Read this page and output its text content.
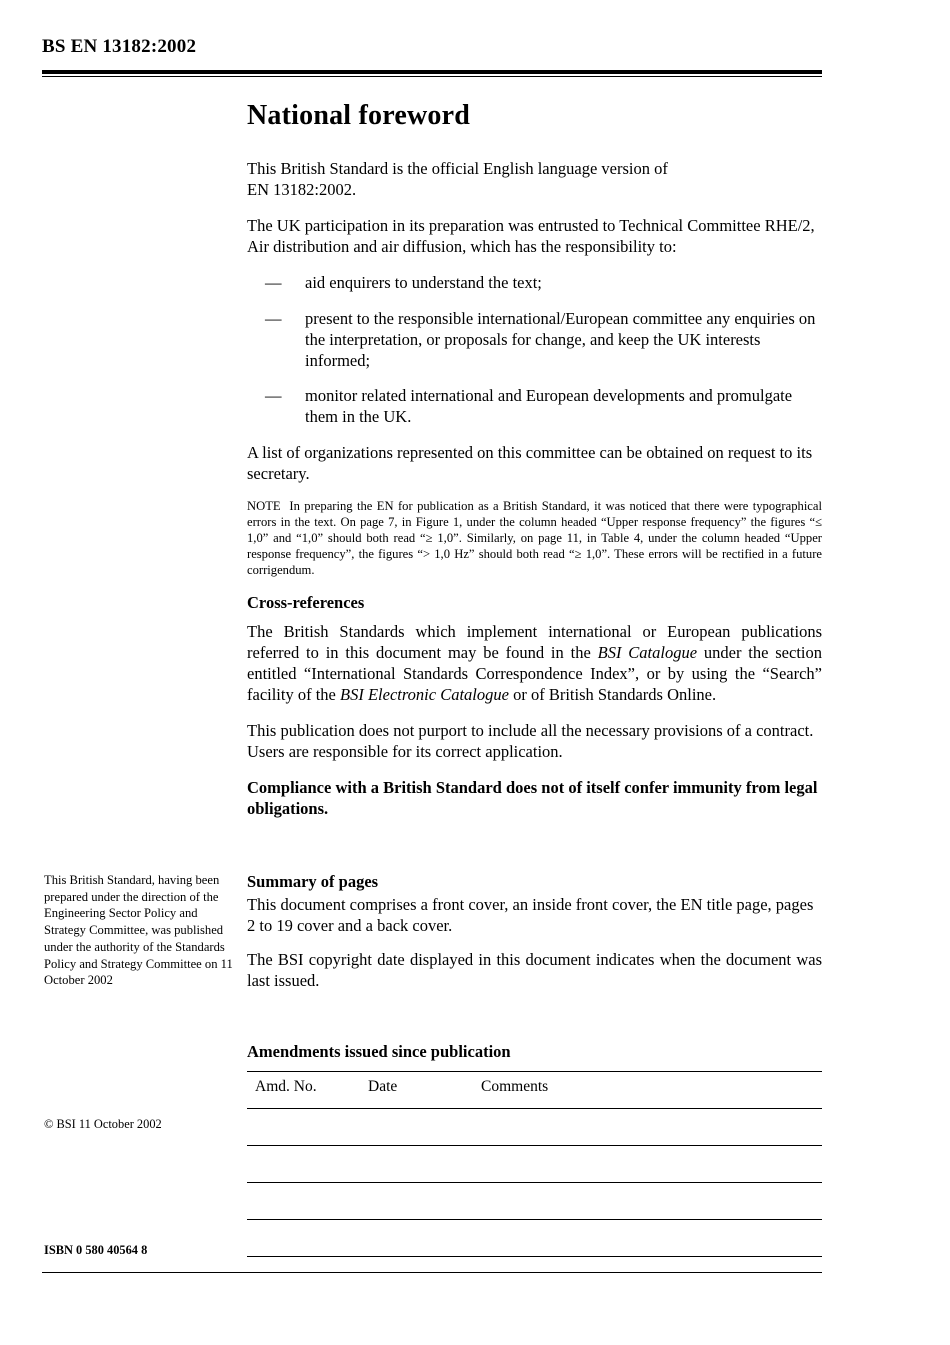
BS EN 13182:2002
National foreword

This British Standard is the official English language version of
EN 13182:2002.

The UK participation in its preparation was entrusted to Technical Committee RHE/2, Air distribution and air diffusion, which has the responsibility to:

— aid enquirers to understand the text;
— present to the responsible international/European committee any enquiries on the interpretation, or proposals for change, and keep the UK interests informed;
— monitor related international and European developments and promulgate them in the UK.

A list of organizations represented on this committee can be obtained on request to its secretary.

NOTE In preparing the EN for publication as a British Standard, it was noticed that there were typographical errors in the text. On page 7, in Figure 1, under the column headed “Upper response frequency” the figures “≤ 1,0” and “1,0” should both read “≥ 1,0”. Similarly, on page 11, in Table 4, under the column headed “Upper response frequency”, the figures “> 1,0 Hz” should both read “≥ 1,0”. These errors will be rectified in a future corrigendum.

Cross-references

The British Standards which implement international or European publications referred to in this document may be found in the BSI Catalogue under the section entitled “International Standards Correspondence Index”, or by using the “Search” facility of the BSI Electronic Catalogue or of British Standards Online.

This publication does not purport to include all the necessary provisions of a contract. Users are responsible for its correct application.

Compliance with a British Standard does not of itself confer immunity from legal obligations.

This British Standard, having been prepared under the direction of the Engineering Sector Policy and Strategy Committee, was published under the authority of the Standards Policy and Strategy Committee on 11 October 2002
© BSI 11 October 2002
ISBN 0 580 40564 8
Summary of pages

This document comprises a front cover, an inside front cover, the EN title page, pages 2 to 19 cover and a back cover.

The BSI copyright date displayed in this document indicates when the document was last issued.

Amendments issued since publication
Amd. No.	Date	Comments
